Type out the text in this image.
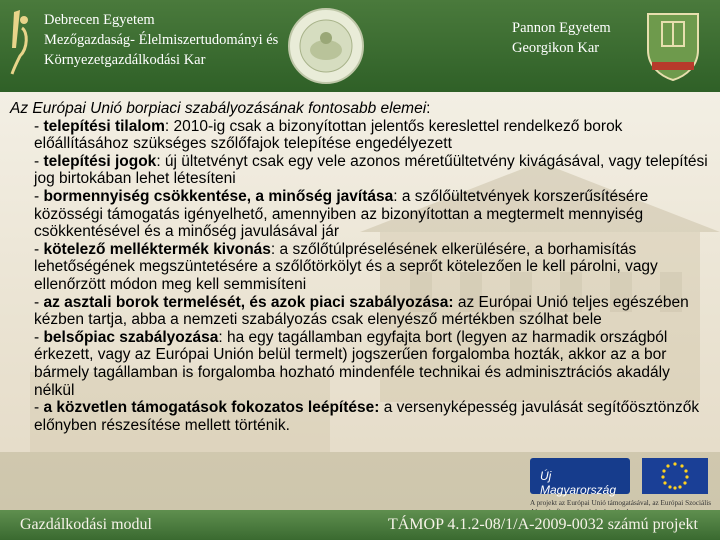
Debrecen Egyetem
Mezőgazdaság- Élelmiszertudományi és
Környezetgazdálkodási Kar
Pannon Egyetem
Georgikon Kar
Az Európai Unió borpiaci szabályozásának fontosabb elemei:

- telepítési tilalom: 2010-ig csak a bizonyítottan jelentős kereslettel rendelkező borok előállításához szükséges szőlőfajok telepítése engedélyezett

- telepítési jogok: új ültetvényt csak egy vele azonos méretűültetvény kivágásával, vagy telepítési jog birtokában lehet létesíteni

- bormennyiség csökkentése, a minőség javítása: a szőlőültetvények korszerűsítésére közösségi támogatás igényelhető, amennyiben az bizonyítottan a megtermelt mennyiség csökkentésével és a minőség javulásával jár

- kötelező melléktermék kivonás: a szőlőtúlpréselésének elkerülésére, a borhamisítás lehetőségének megszüntetésére a szőlőtörkölyt és a seprőt kötelezően le kell párolni, vagy ellenőrzött módon meg kell semmisíteni

- az asztali borok termelését, és azok piaci szabályozása: az Európai Unió teljes egészében kézben tartja, abba a nemzeti szabályozás csak elenyésző mértékben szólhat bele

- belsőpiac szabályozása: ha egy tagállamban egyfajta bort (legyen az harmadik országból érkezett, vagy az Európai Unión belül termelt) jogszerűen forgalomba hozták, akkor az a bor bármely tagállamban is forgalomba hozható mindenféle technikai és adminisztrációs akadály nélkül

- a közvetlen támogatások fokozatos leépítése: a versenyképesség javulását segítőösztönzők előnyben részesítése mellett történik.

Új Magyarország
A projekt az Európai Unió támogatásával, az Európai Szociális
Gazdálkodási modul	TÁMOP 4.1.2-08/1/A-2009-0032 számú projekt
